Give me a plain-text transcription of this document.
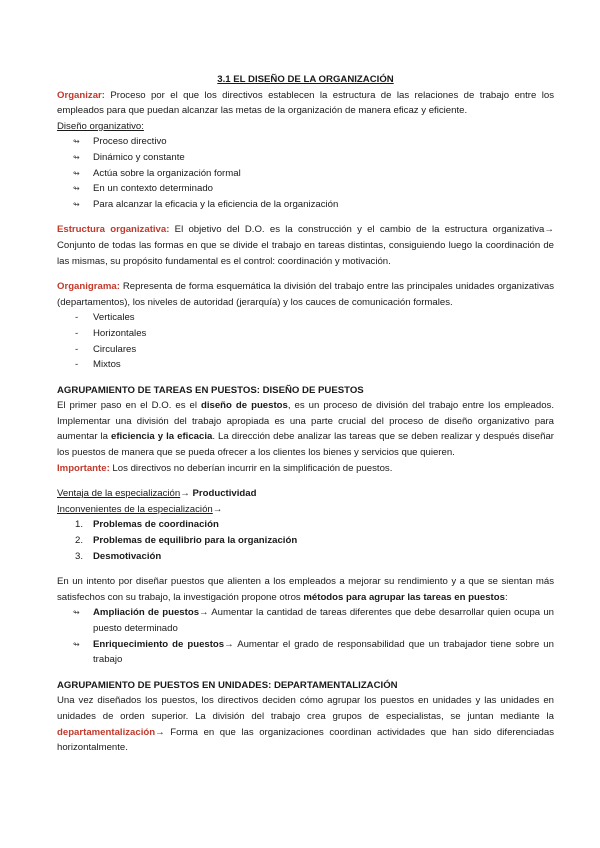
3.1 EL DISEÑO DE LA ORGANIZACIÓN

Organizar: Proceso por el que los directivos establecen la estructura de las relaciones de trabajo entre los empleados para que puedan alcanzar las metas de la organización de manera eficaz y eficiente.

Diseño organizativo:
↬	Proceso directivo
↬	Dinámico y constante
↬	Actúa sobre la organización formal
↬	En un contexto determinado
↬	Para alcanzar la eficacia y la eficiencia de la organización

Estructura organizativa: El objetivo del D.O. es la construcción y el cambio de la estructura organizativa→ Conjunto de todas las formas en que se divide el trabajo en tareas distintas, consiguiendo luego la coordinación de las mismas, su propósito fundamental es el control: coordinación y motivación.

Organigrama: Representa de forma esquemática la división del trabajo entre las principales unidades organizativas (departamentos), los niveles de autoridad (jerarquía) y los cauces de comunicación formales.

- Verticales
- Horizontales
- Circulares
- Mixtos
AGRUPAMIENTO DE TAREAS EN PUESTOS: DISEÑO DE PUESTOS

El primer paso en el D.O. es el diseño de puestos, es un proceso de división del trabajo entre los empleados. Implementar una división del trabajo apropiada es una parte crucial del proceso de diseño organizativo para aumentar la eficiencia y la eficacia. La dirección debe analizar las tareas que se deben realizar y después diseñar los puestos de manera que se pueda ofrecer a los clientes los bienes y servicios que quieren.

Importante: Los directivos no deberían incurrir en la simplificación de puestos.

Ventaja de la especialización→ Productividad
Inconvenientes de la especialización→
1. Problemas de coordinación
2. Problemas de equilibrio para la organización
3. Desmotivación

En un intento por diseñar puestos que alienten a los empleados a mejorar su rendimiento y a que se sientan más satisfechos con su trabajo, la investigación propone otros métodos para agrupar las tareas en puestos:

↬	Ampliación de puestos→ Aumentar la cantidad de tareas diferentes que debe desarrollar quien ocupa un puesto determinado
↬	Enriquecimiento de puestos→ Aumentar el grado de responsabilidad que un trabajador tiene sobre un trabajo
AGRUPAMIENTO DE PUESTOS EN UNIDADES: DEPARTAMENTALIZACIÓN

Una vez diseñados los puestos, los directivos deciden cómo agrupar los puestos en unidades y las unidades en unidades de orden superior. La división del trabajo crea grupos de especialistas, se juntan mediante la departamentalización→ Forma en que las organizaciones coordinan actividades que han sido diferenciadas horizontalmente.
